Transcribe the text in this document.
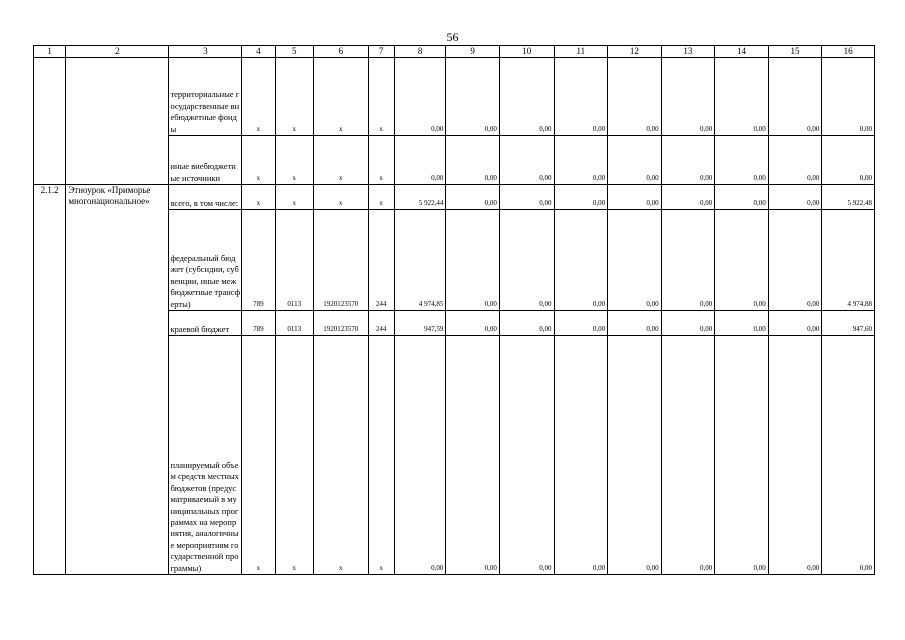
56
1	2	3	4	5	6	7	8	9	10	11	12	13	14	15	16
		территориальные государственные внебюджетные фонды	x	x	x	x	0,00	0,00	0,00	0,00	0,00	0,00	0,00	0,00	0,00
		иные внебюджетные источники	x	x	x	x	0,00	0,00	0,00	0,00	0,00	0,00	0,00	0,00	0,00
2.1.2	Этноурок «Приморье многонациональное»	всего, в том числе:	x	x	x	x	5 922,44	0,00	0,00	0,00	0,00	0,00	0,00	0,00	5 922,48
		федеральный бюджет (субсидии, субвенции, иные межбюджетные трансферты)	789	0113	1920123570	244	4 974,85	0,00	0,00	0,00	0,00	0,00	0,00	0,00	4 974,88
		краевой бюджет	789	0113	1920123570	244	947,59	0,00	0,00	0,00	0,00	0,00	0,00	0,00	947,60
		планируемый объем средств местных бюджетов (предусматриваемый в муниципальных программах на мероприятия, аналогичные мероприятиям государственной программы)	x	x	x	x	0,00	0,00	0,00	0,00	0,00	0,00	0,00	0,00	0,00
